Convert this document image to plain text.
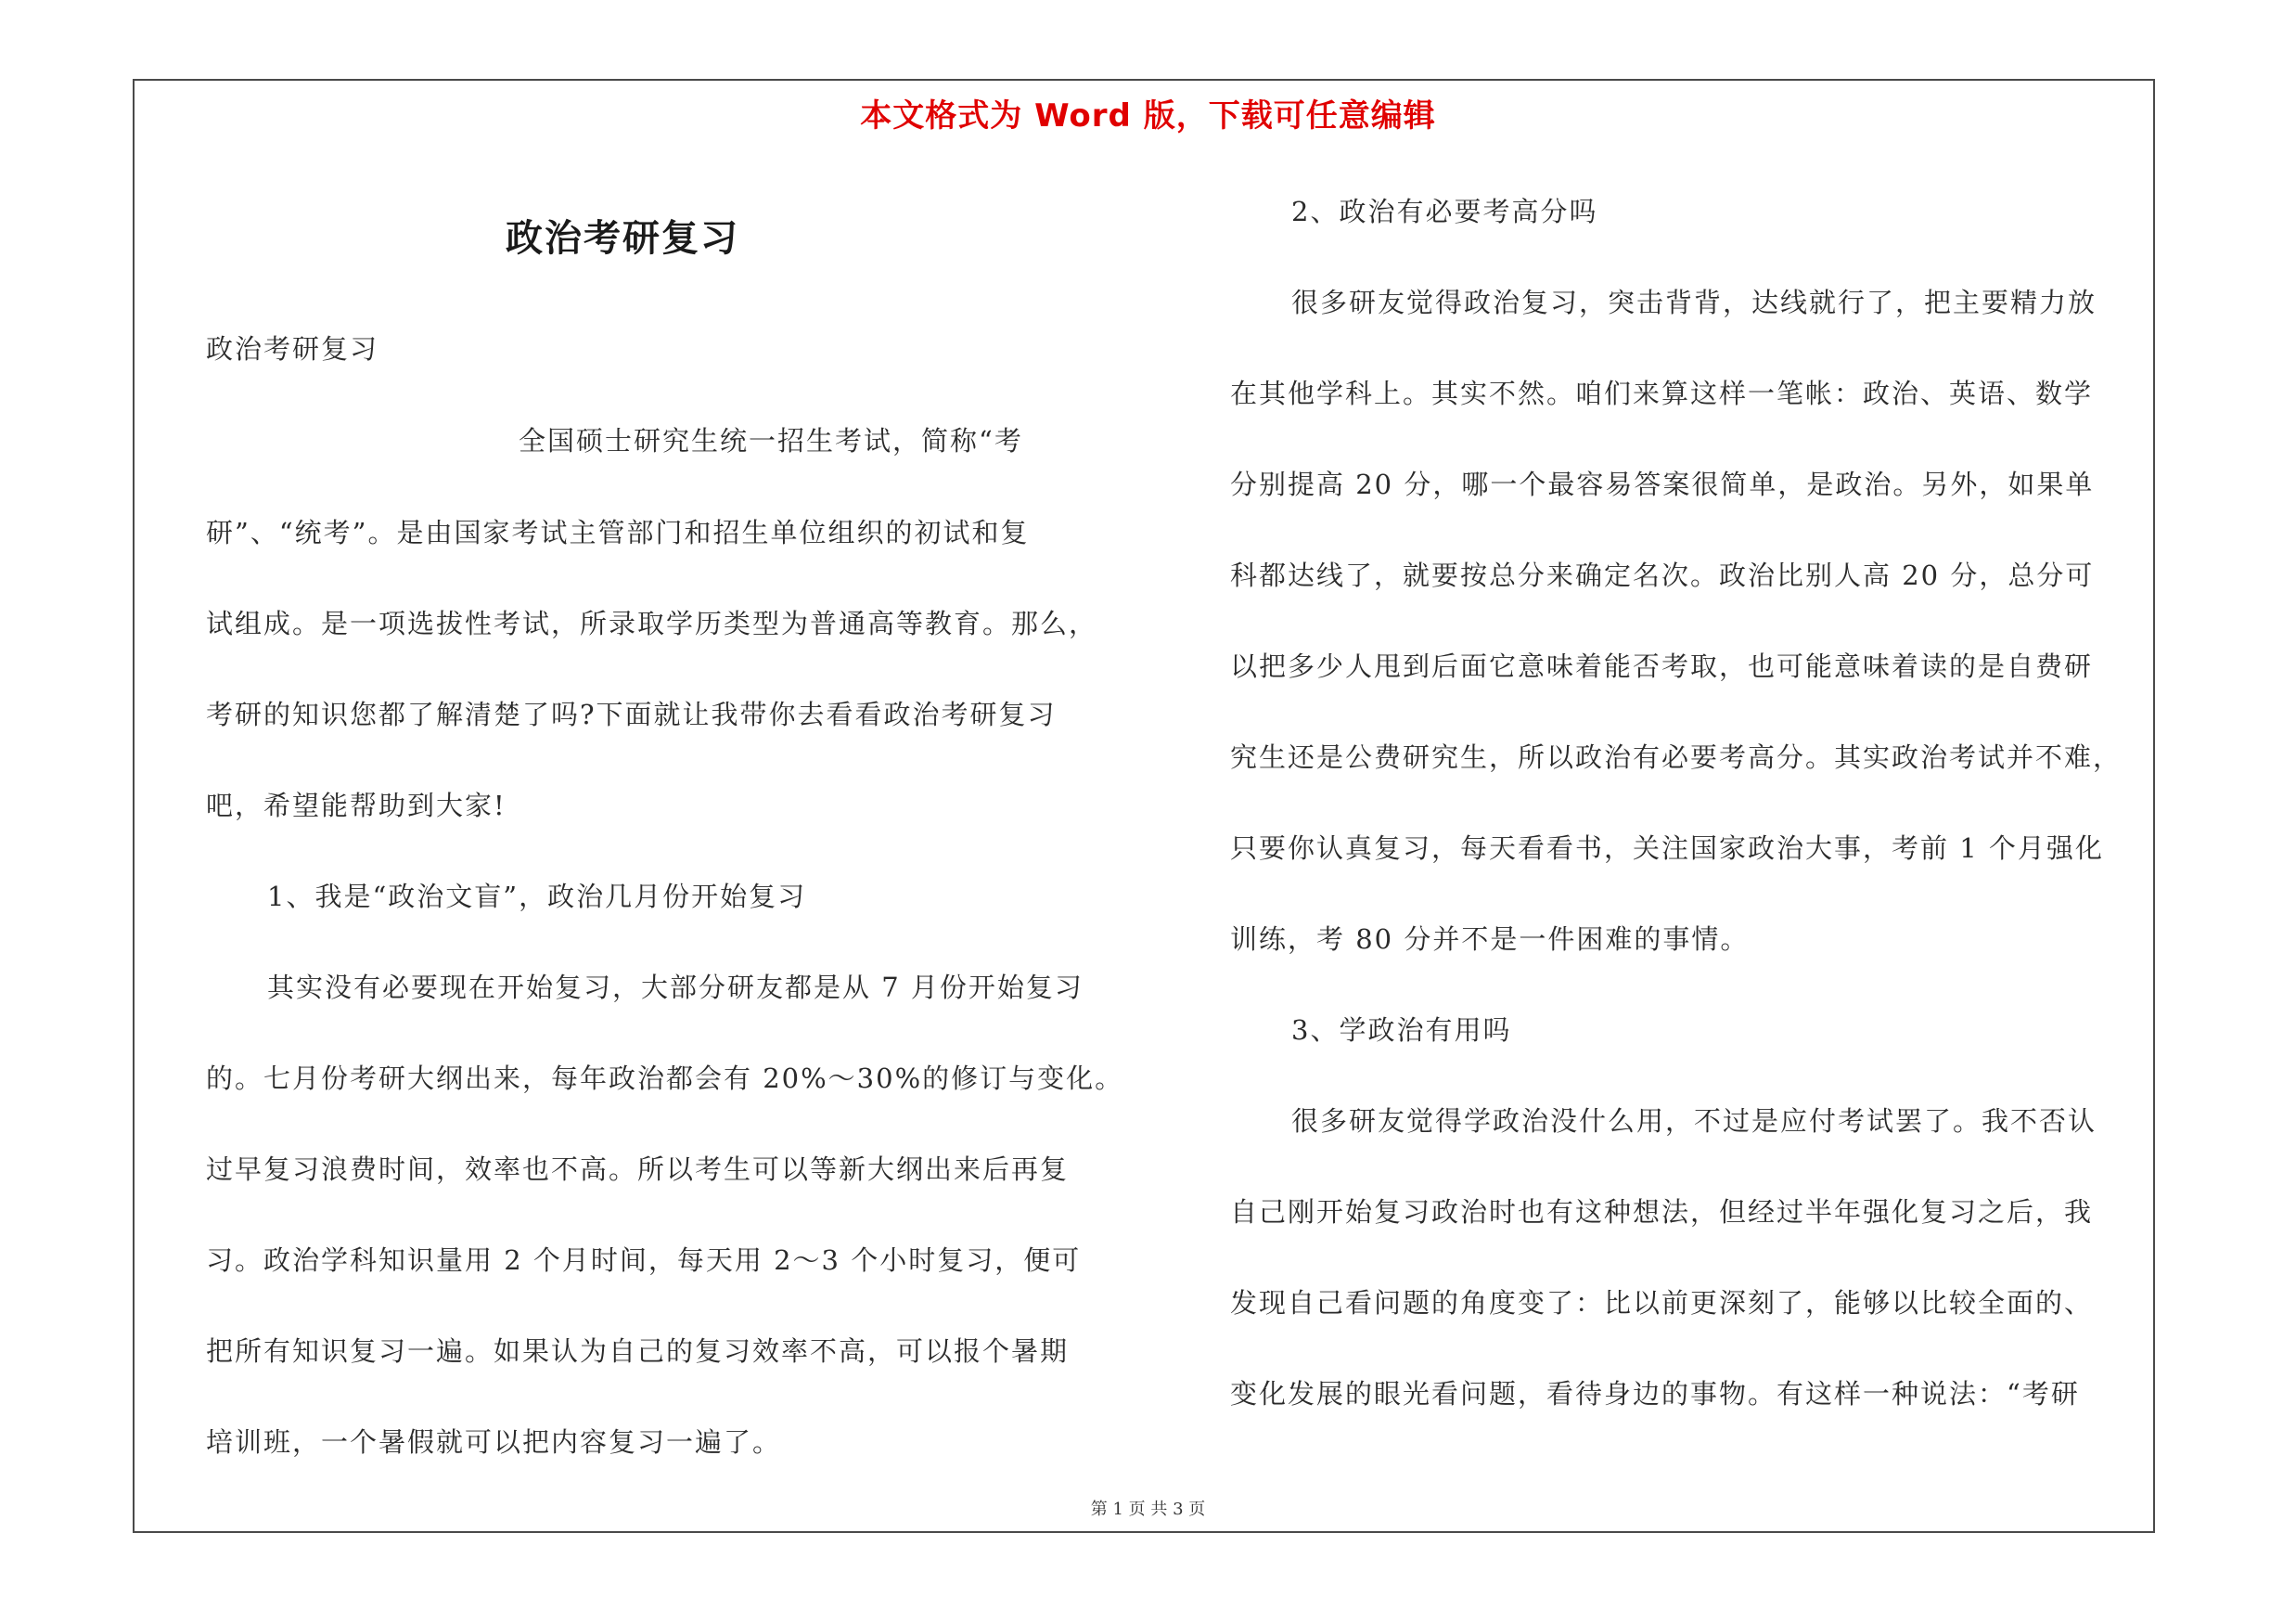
本文格式为 Word 版，下载可任意编辑
政治考研复习
政治考研复习
全国硕士研究生统一招生考试，简称“考
研”、“统考”。是由国家考试主管部门和招生单位组织的初试和复
试组成。是一项选拔性考试，所录取学历类型为普通高等教育。那么，
考研的知识您都了解清楚了吗?下面就让我带你去看看政治考研复习
吧，希望能帮助到大家!
1、我是“政治文盲”，政治几月份开始复习
其实没有必要现在开始复习，大部分研友都是从 7 月份开始复习
的。七月份考研大纲出来，每年政治都会有 20%～30%的修订与变化。
过早复习浪费时间，效率也不高。所以考生可以等新大纲出来后再复
习。政治学科知识量用 2 个月时间，每天用 2～3 个小时复习，便可
把所有知识复习一遍。如果认为自己的复习效率不高，可以报个暑期
培训班，一个暑假就可以把内容复习一遍了。
2、政治有必要考高分吗
很多研友觉得政治复习，突击背背，达线就行了，把主要精力放
在其他学科上。其实不然。咱们来算这样一笔帐：政治、英语、数学
分别提高 20 分，哪一个最容易答案很简单，是政治。另外，如果单
科都达线了，就要按总分来确定名次。政治比别人高 20 分，总分可
以把多少人甩到后面它意味着能否考取，也可能意味着读的是自费研
究生还是公费研究生，所以政治有必要考高分。其实政治考试并不难，
只要你认真复习，每天看看书，关注国家政治大事，考前 1 个月强化
训练，考 80 分并不是一件困难的事情。
3、学政治有用吗
很多研友觉得学政治没什么用，不过是应付考试罢了。我不否认
自己刚开始复习政治时也有这种想法，但经过半年强化复习之后，我
发现自己看问题的角度变了：比以前更深刻了，能够以比较全面的、
变化发展的眼光看问题，看待身边的事物。有这样一种说法：“考研
第 1 页 共 3 页
